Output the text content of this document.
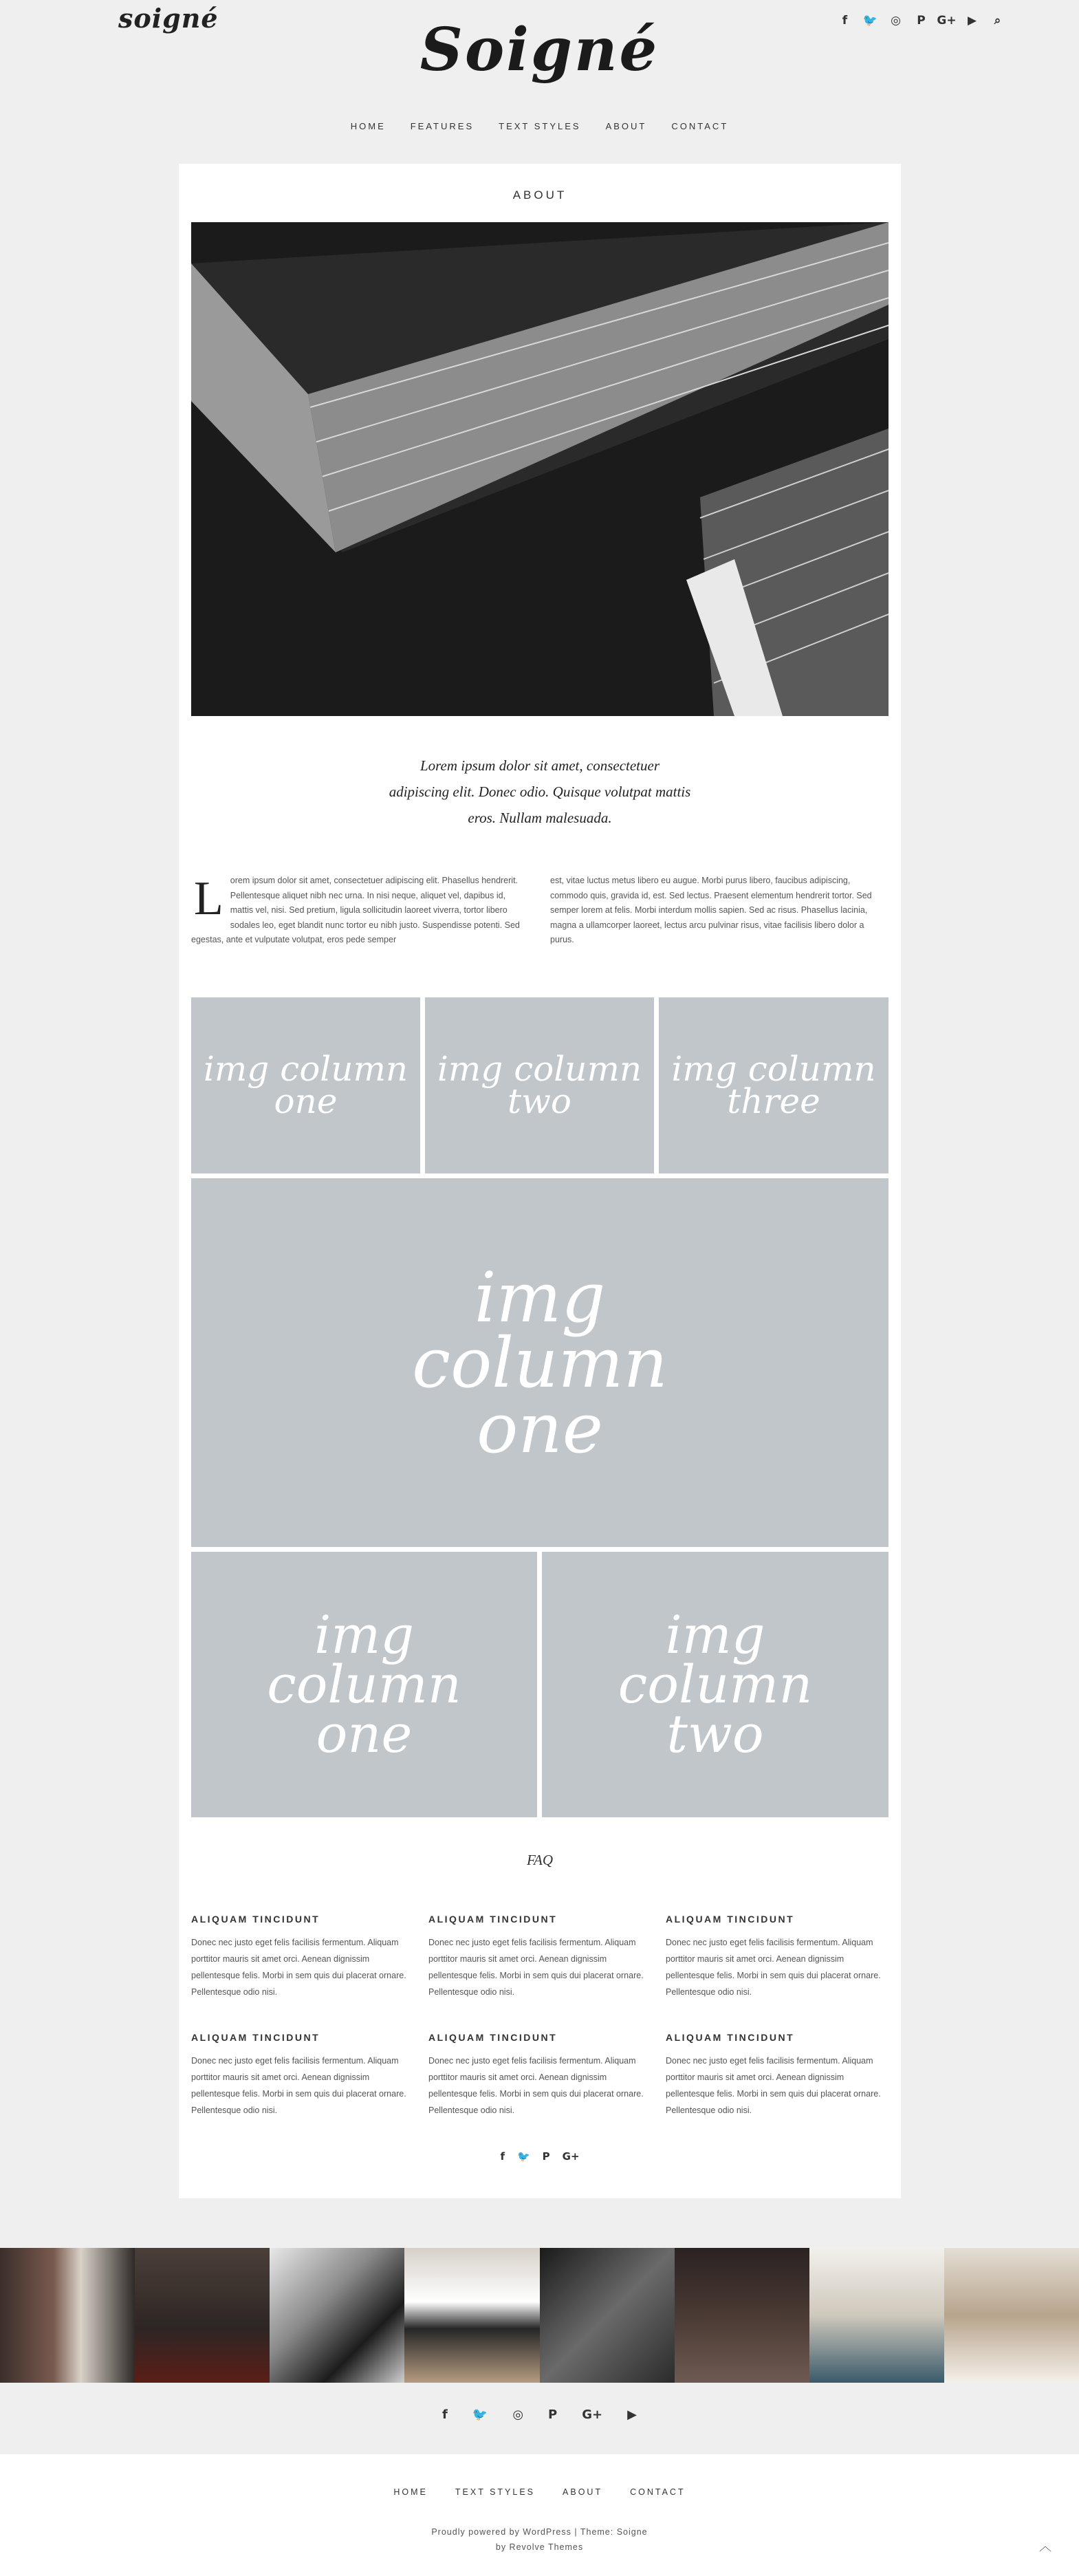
soigné	Soigné	f	🐦	◎	P G+ ▶	⌕
HOME	FEATURES	TEXT STYLES	ABOUT	CONTACT
ABOUT
Lorem ipsum dolor sit amet, consectetuer adipiscing elit. Donec odio. Quisque volutpat mattis eros. Nullam malesuada.
Lorem ipsum dolor sit amet, consectetuer adipiscing elit. Phasellus hendrerit. Pellentesque aliquet nibh nec urna. In nisi neque, aliquet vel, dapibus id, mattis vel, nisi. Sed pretium, ligula sollicitudin laoreet viverra, tortor libero sodales leo, eget blandit nunc tortor eu nibh justo. Suspendisse potenti. Sed egestas, ante et vulputate volutpat, eros pede semper
est, vitae luctus metus libero eu augue. Morbi purus libero, faucibus adipiscing, commodo quis, gravida id, est. Sed lectus. Praesent elementum hendrerit tortor. Sed semper lorem at felis. Morbi interdum mollis sapien. Sed ac risus. Phasellus lacinia, magna a ullamcorper laoreet, lectus arcu pulvinar risus, vitae facilisis libero dolor a purus.
img column one
img column two
img column three
img column one
img column one
img column two
FAQ
ALIQUAM TINCIDUNT

Donec nec justo eget felis facilisis fermentum. Aliquam porttitor mauris sit amet orci. Aenean dignissim pellentesque felis. Morbi in sem quis dui placerat ornare. Pellentesque odio nisi.

ALIQUAM TINCIDUNT

Donec nec justo eget felis facilisis fermentum. Aliquam porttitor mauris sit amet orci. Aenean dignissim pellentesque felis. Morbi in sem quis dui placerat ornare. Pellentesque odio nisi.

ALIQUAM TINCIDUNT

Donec nec justo eget felis facilisis fermentum. Aliquam porttitor mauris sit amet orci. Aenean dignissim pellentesque felis. Morbi in sem quis dui placerat ornare. Pellentesque odio nisi.

ALIQUAM TINCIDUNT

Donec nec justo eget felis facilisis fermentum. Aliquam porttitor mauris sit amet orci. Aenean dignissim pellentesque felis. Morbi in sem quis dui placerat ornare. Pellentesque odio nisi.

ALIQUAM TINCIDUNT

Donec nec justo eget felis facilisis fermentum. Aliquam porttitor mauris sit amet orci. Aenean dignissim pellentesque felis. Morbi in sem quis dui placerat ornare. Pellentesque odio nisi.

ALIQUAM TINCIDUNT

Donec nec justo eget felis facilisis fermentum. Aliquam porttitor mauris sit amet orci. Aenean dignissim pellentesque felis. Morbi in sem quis dui placerat ornare. Pellentesque odio nisi.

f 🐦 P G+
f 🐦 ◎ P G+ ▶
HOME	TEXT STYLES	ABOUT	CONTACT
Proudly powered by WordPress | Theme: Soigne
by Revolve Themes	︿
